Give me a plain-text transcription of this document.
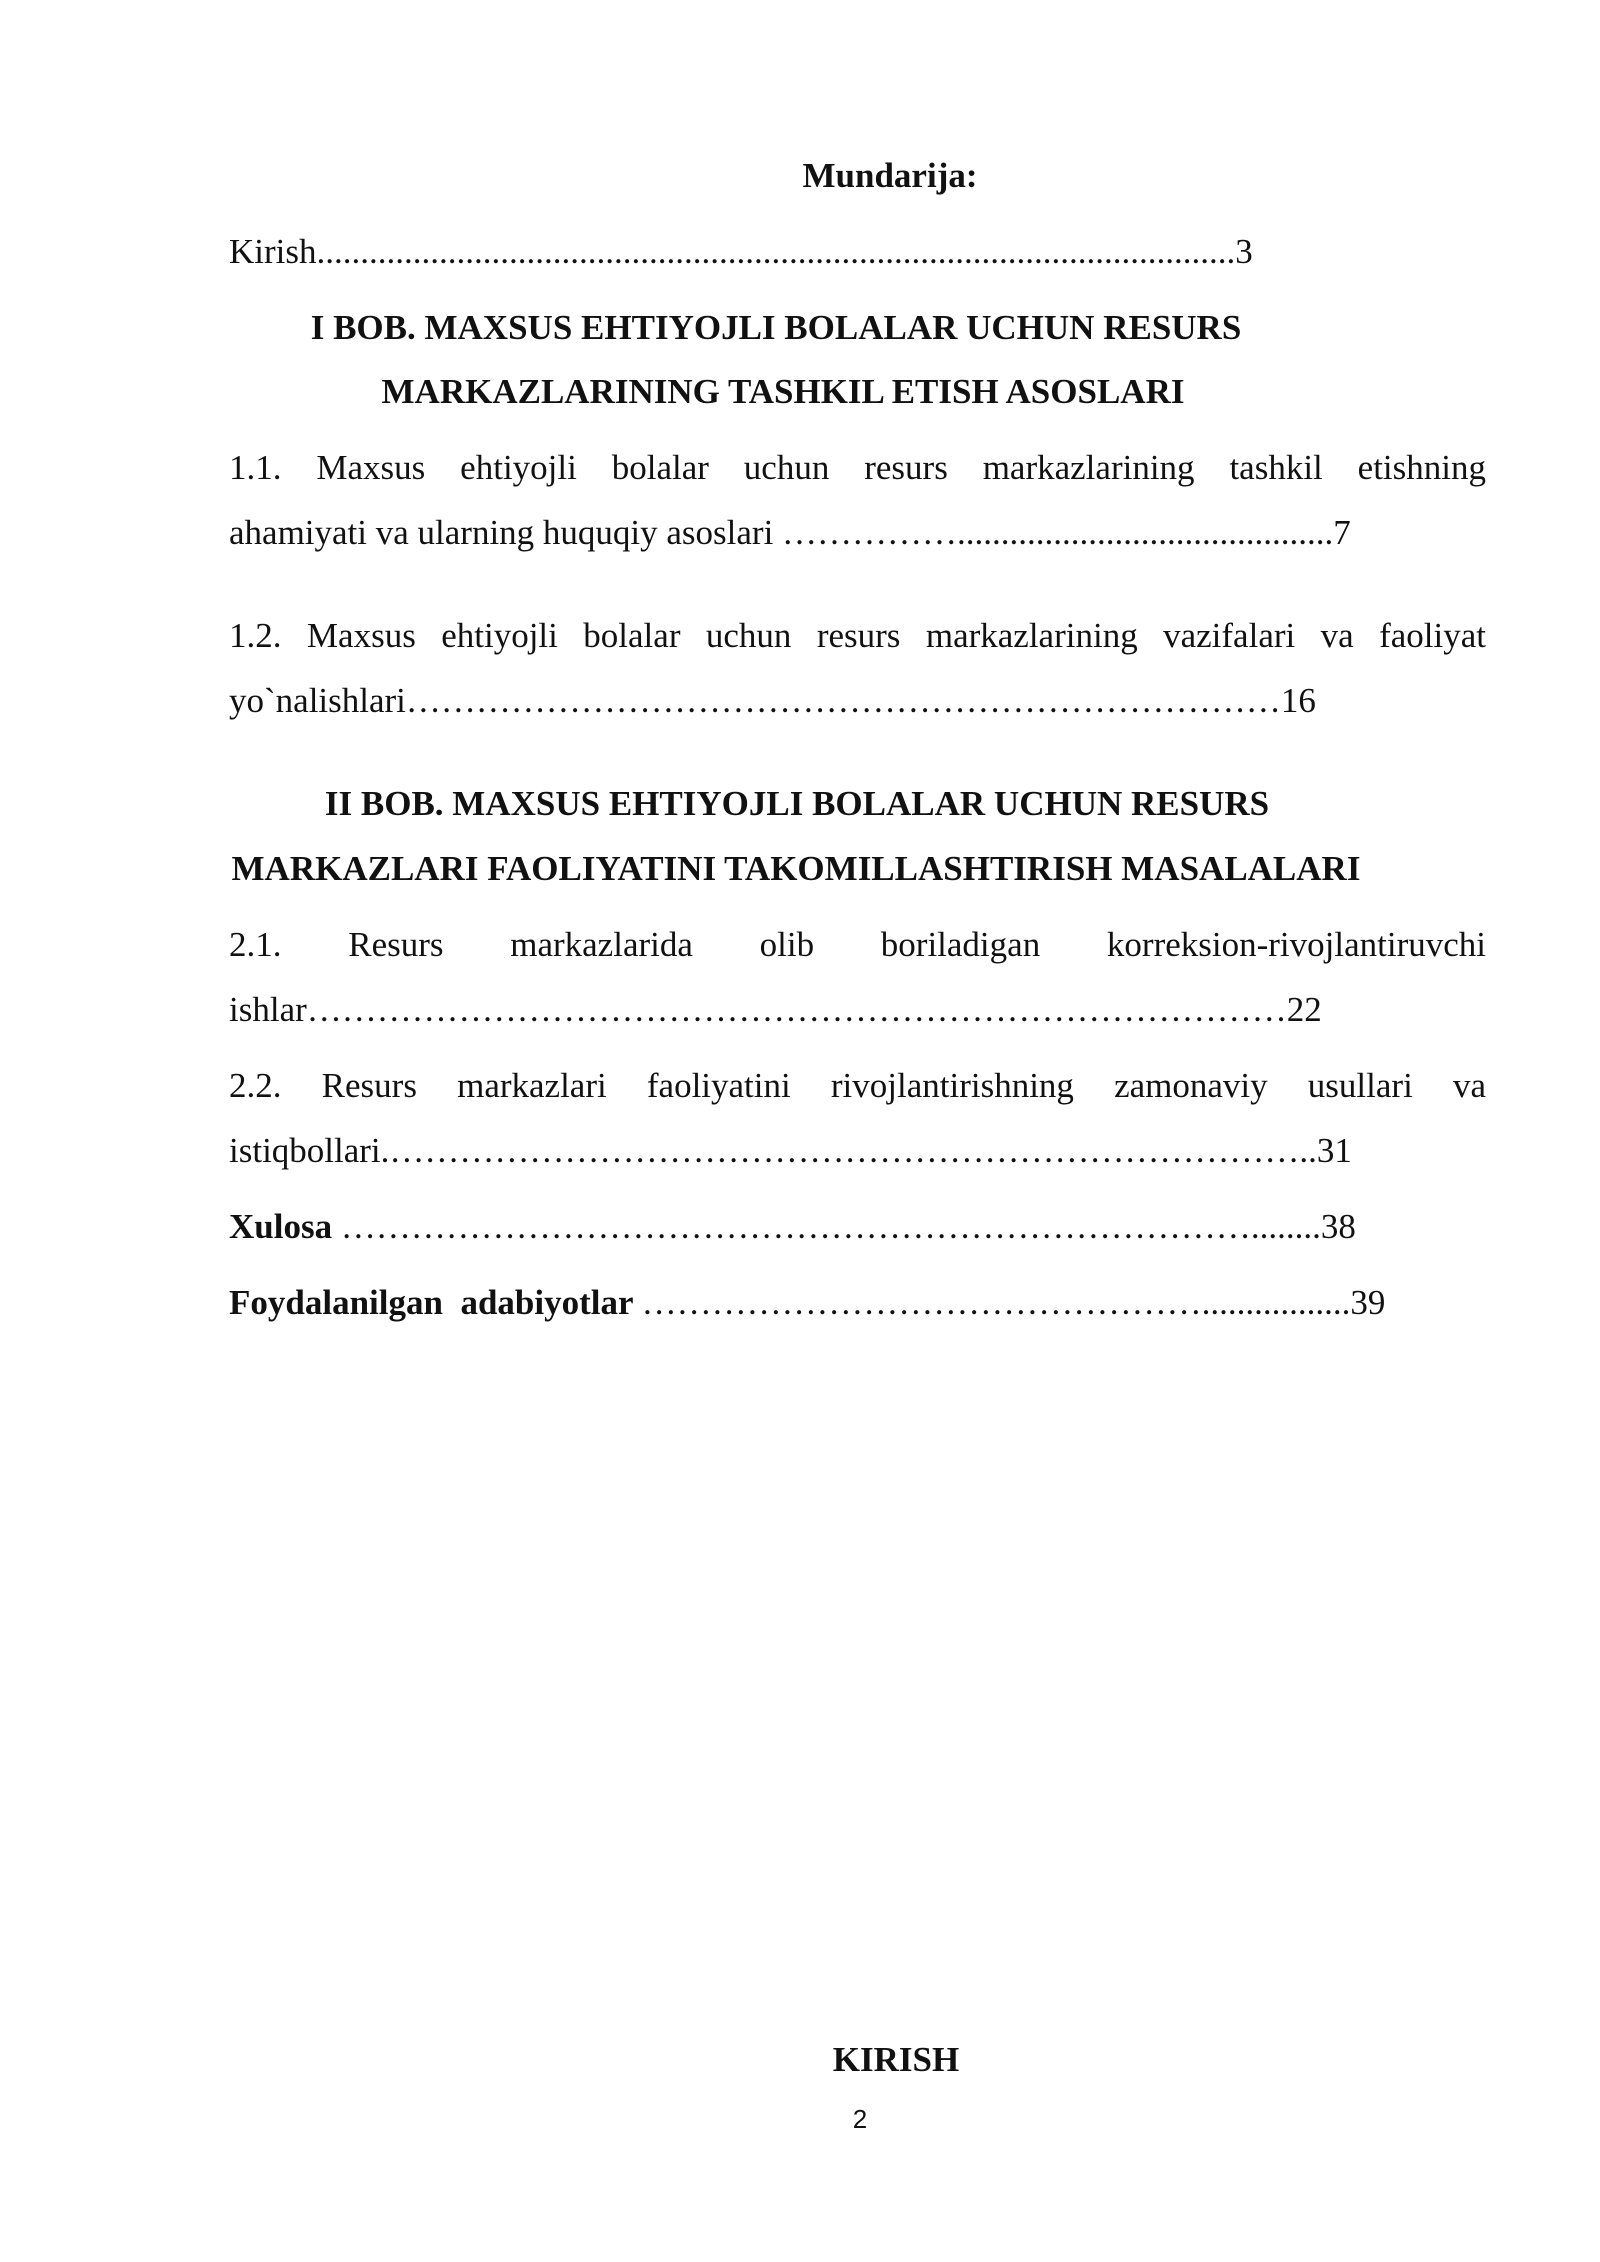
Mundarija:

Kirish.........................................................................................................3

I BOB. MAXSUS EHTIYOJLI BOLALAR UCHUN RESURS

MARKAZLARINING TASHKIL ETISH ASOSLARI

1.1. Maxsus ehtiyojli bolalar uchun resurs markazlarining tashkil etishning

ahamiyati va ularning huquqiy asoslari ……………...........................................7

1.2. Maxsus ehtiyojli bolalar uchun resurs markazlarining vazifalari va faoliyat

yo`nalishlari…………………………………………………………………16

II BOB. MAXSUS EHTIYOJLI BOLALAR UCHUN RESURS

MARKAZLARI FAOLIYATINI TAKOMILLASHTIRISH MASALALARI

2.1. Resurs markazlarida olib boriladigan korreksion-rivojlantiruvchi

ishlar…………………………………………………………………………22

2.2. Resurs markazlari faoliyatini rivojlantirishning zamonaviy usullari va

istiqbollari.……………………………………………………………………..31

Xulosa ……………………………………………………………………........38

Foydalanilgan  adabiyotlar ………………………………………….................39

KIRISH

2
